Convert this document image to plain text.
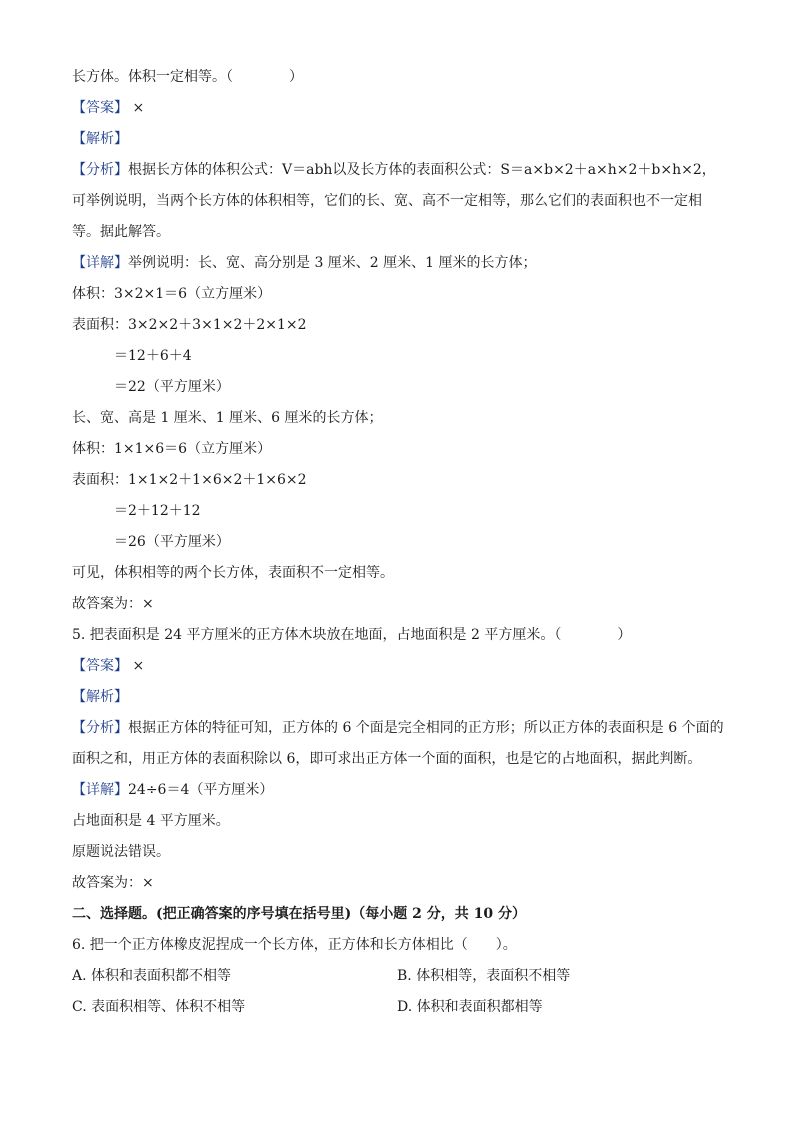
长方体。体积一定相等。（　　　　）
【答案】 ×
【解析】
【分析】根据长方体的体积公式：V＝abh以及长方体的表面积公式：S＝a×b×2＋a×h×2＋b×h×2，可举例说明，当两个长方体的体积相等，它们的长、宽、高不一定相等，那么它们的表面积也不一定相等。据此解答。
【详解】举例说明：长、宽、高分别是 3 厘米、2 厘米、1 厘米的长方体；
体积：3×2×1＝6（立方厘米）
表面积：3×2×2＋3×1×2＋2×1×2
＝12＋6＋4
＝22（平方厘米）
长、宽、高是 1 厘米、1 厘米、6 厘米的长方体；
体积：1×1×6＝6（立方厘米）
表面积：1×1×2＋1×6×2＋1×6×2
＝2＋12＋12
＝26（平方厘米）
可见，体积相等的两个长方体，表面积不一定相等。
故答案为：×
5. 把表面积是 24 平方厘米的正方体木块放在地面，占地面积是 2 平方厘米。（　　　　）
【答案】 ×
【解析】
【分析】根据正方体的特征可知，正方体的 6 个面是完全相同的正方形；所以正方体的表面积是 6 个面的面积之和，用正方体的表面积除以 6，即可求出正方体一个面的面积，也是它的占地面积，据此判断。
【详解】24÷6＝4（平方厘米）
占地面积是 4 平方厘米。
原题说法错误。
故答案为：×
二、选择题。(把正确答案的序号填在括号里)（每小题 2 分，共 10 分）
6. 把一个正方体橡皮泥捏成一个长方体，正方体和长方体相比（　　）。
A. 体积和表面积都不相等	B. 体积相等，表面积不相等
C. 表面积相等、体积不相等	D. 体积和表面积都相等
